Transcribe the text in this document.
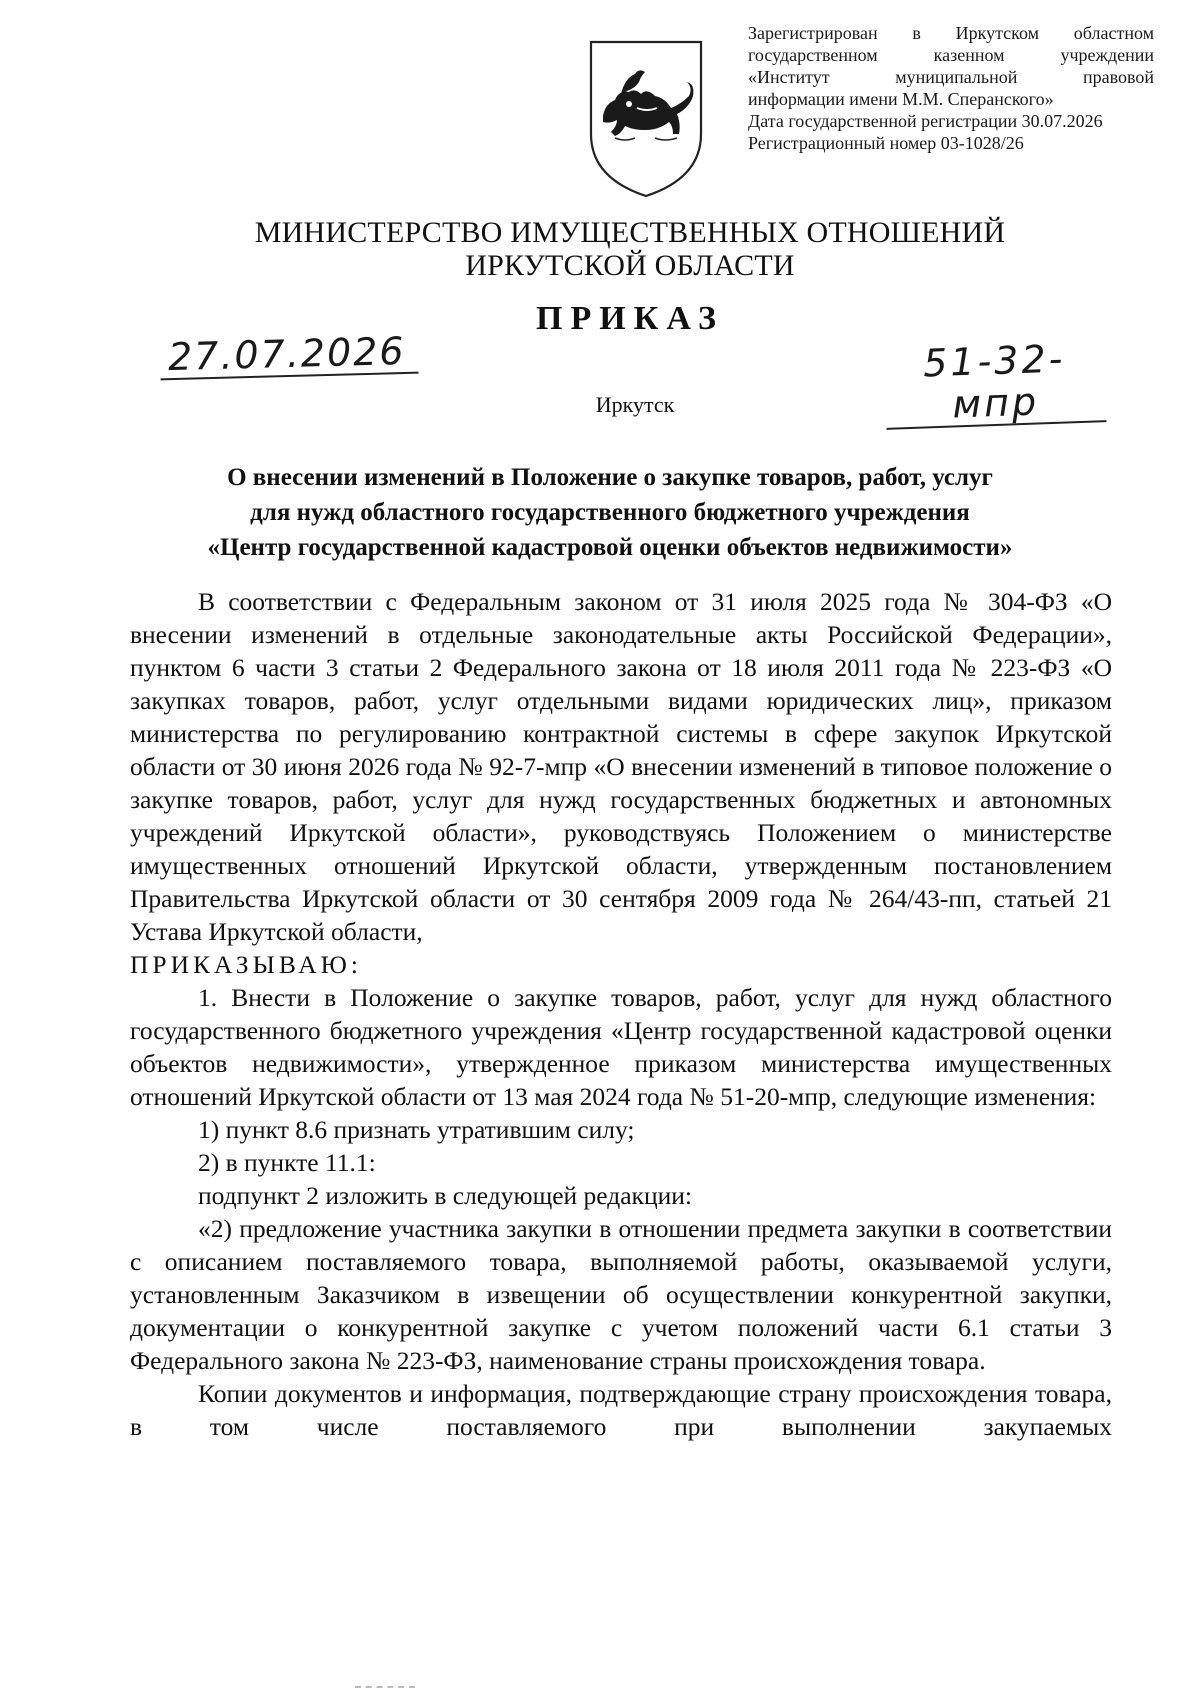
Зарегистрирован в Иркутском областном
государственном казенном учреждении
«Институт муниципальной правовой
информации имени М.М. Сперанского»
Дата государственной регистрации 30.07.2026
Регистрационный номер 03-1028/26
МИНИСТЕРСТВО ИМУЩЕСТВЕННЫХ ОТНОШЕНИЙ
ИРКУТСКОЙ ОБЛАСТИ
ПРИКАЗ
27.07.2026	51-32-мпр
Иркутск
О внесении изменений в Положение о закупке товаров, работ, услуг
для нужд областного государственного бюджетного учреждения
«Центр государственной кадастровой оценки объектов недвижимости»

В соответствии с Федеральным законом от 31 июля 2025 года № 304-ФЗ «О внесении изменений в отдельные законодательные акты Российской Федерации», пунктом 6 части 3 статьи 2 Федерального закона от 18 июля 2011 года № 223-ФЗ «О закупках товаров, работ, услуг отдельными видами юридических лиц», приказом министерства по регулированию контрактной системы в сфере закупок Иркутской области от 30 июня 2026 года № 92-7-мпр «О внесении изменений в типовое положение о закупке товаров, работ, услуг для нужд государственных бюджетных и автономных учреждений Иркутской области», руководствуясь Положением о министерстве имущественных отношений Иркутской области, утвержденным постановлением Правительства Иркутской области от 30 сентября 2009 года № 264/43-пп, статьей 21 Устава Иркутской области,

ПРИКАЗЫВАЮ:

1. Внести в Положение о закупке товаров, работ, услуг для нужд областного государственного бюджетного учреждения «Центр государственной кадастровой оценки объектов недвижимости», утвержденное приказом министерства имущественных отношений Иркутской области от 13 мая 2024 года № 51-20-мпр, следующие изменения:

1) пункт 8.6 признать утратившим силу;

2) в пункте 11.1:

подпункт 2 изложить в следующей редакции:

«2) предложение участника закупки в отношении предмета закупки в соответствии с описанием поставляемого товара, выполняемой работы, оказываемой услуги, установленным Заказчиком в извещении об осуществлении конкурентной закупки, документации о конкурентной закупке с учетом положений части 6.1 статьи 3 Федерального закона № 223-ФЗ, наименование страны происхождения товара.

Копии документов и информация, подтверждающие страну происхождения товара, в том числе поставляемого при выполнении закупаемых
